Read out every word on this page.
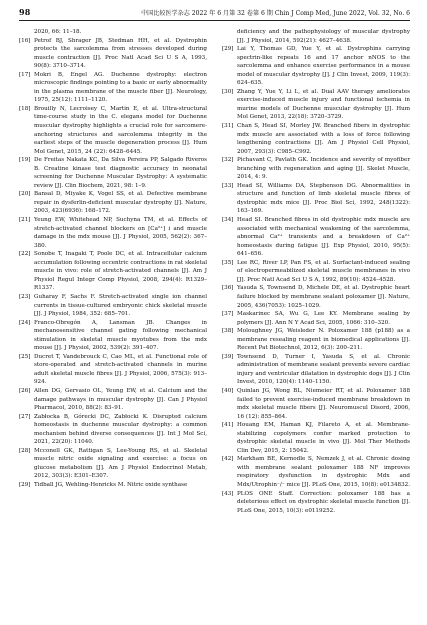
98	中国比较医学杂志 2022 年 6 月第 32 卷第 6 期 Chin J Comp Med, June 2022, Vol. 32, No. 6
2020, 66: 11–18.
[16] Petrof BJ, Shrager JB, Stedman HH, et al. Dystrophin protects the sarcolemma from stresses developed during muscle contraction [J]. Proc Natl Acad Sci U S A, 1993, 90(8): 3710–3714.
[17] Mokri B, Engel AG. Duchenne dystrophy: electron microscopic findings pointing to a basic or early abnormality in the plasma membrane of the muscle fiber [J]. Neurology, 1975, 25(12): 1111–1120.
[18] Brouilly N, Lecroisey C, Martin E, et al. Ultra-structural time-course study in the C. elegans model for Duchenne muscular dystrophy highlights a crucial role for sarcomere-anchoring structures and sarcolemma integrity in the earliest steps of the muscle degeneration process [J]. Hum Mol Genet, 2015, 24 (22): 6428–6445.
[19] De Freitas Nakata KC, Da Silva Pereira PP, Salgado Riveros B. Creatine kinase test diagnostic accuracy in neonatal screening for Duchenne Muscular Dystrophy: A systematic review [J]. Clin Biochem, 2021, 98: 1–9.
[20] Bansal D, Miyake K, Vogel SS, et al. Defective membrane repair in dysferlin-deficient muscular dystrophy [J]. Nature, 2003, 423(6936): 168–172.
[21] Yeung EW, Whitehead NP, Suchyna TM, et al. Effects of stretch-activated channel blockers on [Ca²⁺] i and muscle damage in the mdx mouse [J]. J Physiol, 2005, 562(2): 367–380.
[22] Sonobe T, Inagaki T, Poole DC, et al. Intracellular calcium accumulation following eccentric contractions in rat skeletal muscle in vivo: role of stretch-activated channels [J]. Am J Physiol Regul Integr Comp Physiol, 2008, 294(4): R1329–R1337.
[23] Guharay F, Sachs F. Stretch-activated single ion channel currents in tissue-cultured embryonic chick skeletal muscle [J]. J Physiol, 1984, 352: 685–701.
[24] Franco-Obregón A, Lansman JB. Changes in mechanosensitive channel gating following mechanical stimulation in skeletal muscle myotubes from the mdx mouse [J]. J Physiol, 2002, 539(2): 391–407.
[25] Ducret T, Vandebrouck C, Cao ML, et al. Functional role of store-operated and stretch-activated channels in murine adult skeletal muscle fibres [J]. J Physiol, 2006, 575(3): 913–924.
[26] Allen DG, Gervasio OL, Yeung EW, et al. Calcium and the damage pathways in muscular dystrophy [J]. Can J Physiol Pharmacol, 2010, 88(2): 83–91.
[27] Zabłocka B, Górecki DC, Zabłocki K. Disrupted calcium homeostasis in duchenne muscular dystrophy: a common mechanism behind diverse consequences [J]. Int J Mol Sci, 2021, 22(20): 11040.
[28] Mcconell GK, Rattigan S, Lee-Young RS, et al. Skeletal muscle nitric oxide signaling and exercise: a focus on glucose metabolism [J]. Am J Physiol Endocrinol Metab, 2012, 303(3): E301–E307.
[29] Tidball JG, Wehling-Henricks M. Nitric oxide synthase
deficiency and the pathophysiology of muscular dystrophy [J]. J Physiol, 2014, 592(21): 4627–4638.
[29] Lai Y, Thomas GD, Yue Y, et al. Dystrophins carrying spectrin-like repeats 16 and 17 anchor nNOS to the sarcolemma and enhance exercise performance in a mouse model of muscular dystrophy [J]. J Clin Invest, 2009, 119(3): 624–635.
[30] Zhang Y, Yue Y, Li L, et al. Dual AAV therapy ameliorates exercise-induced muscle injury and functional ischemia in murine models of Duchenne muscular dystrophy [J]. Hum Mol Genet, 2013, 22(18): 3720–3729.
[31] Chan S, Head SI, Morley JW. Branched fibers in dystrophic mdx muscle are associated with a loss of force following lengthening contractions [J]. Am J Physiol Cell Physiol, 2007, 293(3): C985–C992.
[32] Pichavant C, Pavlath GK. Incidence and severity of myofiber branching with regeneration and aging [J]. Skelet Muscle, 2014, 4: 9.
[33] Head SI, Williams DA, Stephenson DG. Abnormalities in structure and function of limb skeletal muscle fibres of dystrophic mdx mice [J]. Proc Biol Sci, 1992, 248(1322): 163–169.
[34] Head SI. Branched fibres in old dystrophic mdx muscle are associated with mechanical weakening of the sarcolemma, abnormal Ca²⁺ transients and a breakdown of Ca²⁺ homeostasis during fatigue [J]. Exp Physiol, 2010, 95(5): 641–656.
[35] Lee RC, River LP, Pan FS, et al. Surfactant-induced sealing of electropermeabilized skeletal muscle membranes in vivo [J]. Proc Natl Acad Sci U S A, 1992, 89(10): 4524–4528.
[36] Yasuda S, Townsend D, Michele DE, et al. Dystrophic heart failure blocked by membrane sealant poloxamer [J]. Nature, 2005, 436(7053): 1025–1029.
[37] Maskarinec SA, Wu G, Lee KY. Membrane sealing by polymers [J]. Ann N Y Acad Sci, 2005, 1066: 310–320.
[38] Moloughney JG, Weisleder N. Poloxamer 188 (p188) as a membrane resealing reagent in biomedical applications [J]. Recent Pat Biotechnol, 2012, 6(3): 200–211.
[39] Townsend D, Turner I, Yasuda S, et al. Chronic administration of membrane sealant prevents severe cardiac injury and ventricular dilatation in dystrophic dogs [J]. J Clin Invest, 2010, 120(4): 1140–1150.
[40] Quinlan JG, Wong BL, Niemeier RT, et al. Poloxamer 188 failed to prevent exercise-induced membrane breakdown in mdx skeletal muscle fibers [J]. Neuromuscul Disord, 2006, 16 (12): 855–864.
[41] Houang EM, Haman KJ, Filareto A, et al. Membrane-stabilizing copolymers confer marked protection to dystrophic skeletal muscle in vivo [J]. Mol Ther Methods Clin Dev, 2015, 2: 15042.
[42] Markham BE, Kernodle S, Nemzek J, et al. Chronic dosing with membrane sealant poloxamer 188 NF improves respiratory dysfunction in dystrophic Mdx and Mdx/Utrophin⁻/⁻ mice [J]. PLoS One, 2015, 10(8): e0134832.
[43] PLOS ONE Staff. Correction: poloxamer 188 has a deleterious effect on dystrophic skeletal muscle function [J]. PLoS One, 2015, 10(3): e0119252.
